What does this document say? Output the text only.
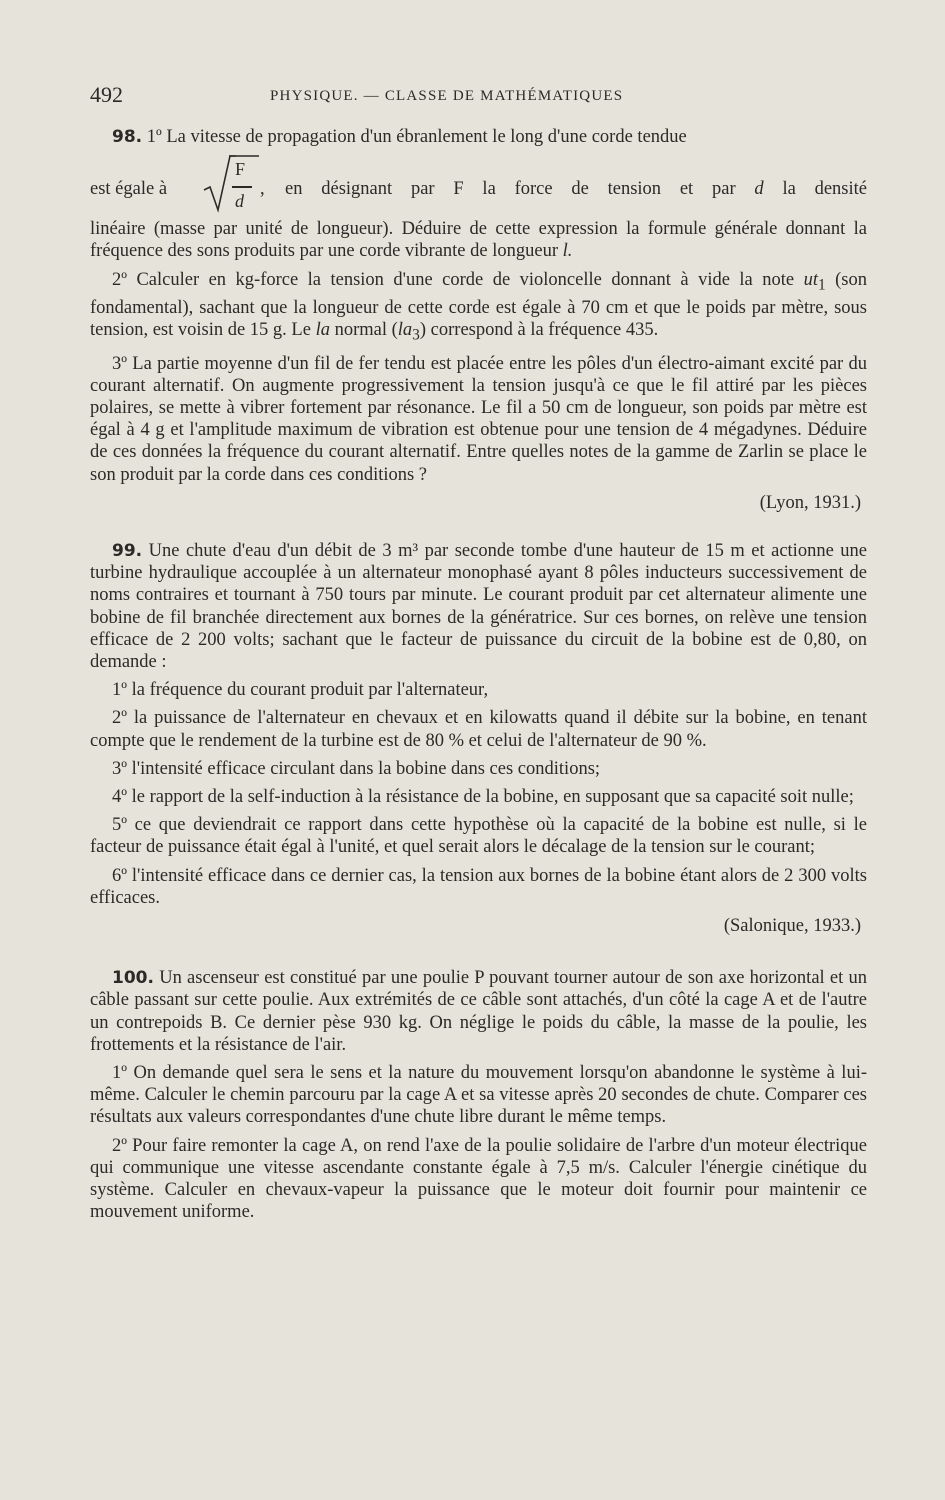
492	PHYSIQUE. — CLASSE DE MATHÉMATIQUES

98. 1º La vitesse de propagation d'un ébranlement le long d'une corde tendue

est égale à
F
d
, en désignant par F la force de tension et par d la densité

linéaire (masse par unité de longueur). Déduire de cette expression la formule générale donnant la fréquence des sons produits par une corde vibrante de longueur l.

2º Calculer en kg-force la tension d'une corde de violoncelle donnant à vide la note $ut_1$ (son fondamental), sachant que la longueur de cette corde est égale à 70 cm et que le poids par mètre, sous tension, est voisin de 15 g. Le la normal $(la_3)$ correspond à la fréquence 435.

3º La partie moyenne d'un fil de fer tendu est placée entre les pôles d'un électro-aimant excité par du courant alternatif. On augmente progressivement la tension jusqu'à ce que le fil attiré par les pièces polaires, se mette à vibrer fortement par résonance. Le fil a 50 cm de longueur, son poids par mètre est égal à 4 g et l'amplitude maximum de vibration est obtenue pour une tension de 4 mégadynes. Déduire de ces données la fréquence du courant alternatif. Entre quelles notes de la gamme de Zarlin se place le son produit par la corde dans ces conditions ?

(Lyon, 1931.)

99. Une chute d'eau d'un débit de 3 m³ par seconde tombe d'une hauteur de 15 m et actionne une turbine hydraulique accouplée à un alternateur monophasé ayant 8 pôles inducteurs successivement de noms contraires et tournant à 750 tours par minute. Le courant produit par cet alternateur alimente une bobine de fil branchée directement aux bornes de la génératrice. Sur ces bornes, on relève une tension efficace de 2 200 volts; sachant que le facteur de puissance du circuit de la bobine est de 0,80, on demande :

1º la fréquence du courant produit par l'alternateur,

2º la puissance de l'alternateur en chevaux et en kilowatts quand il débite sur la bobine, en tenant compte que le rendement de la turbine est de 80 % et celui de l'alternateur de 90 %.

3º l'intensité efficace circulant dans la bobine dans ces conditions;

4º le rapport de la self-induction à la résistance de la bobine, en supposant que sa capacité soit nulle;

5º ce que deviendrait ce rapport dans cette hypothèse où la capacité de la bobine est nulle, si le facteur de puissance était égal à l'unité, et quel serait alors le décalage de la tension sur le courant;

6º l'intensité efficace dans ce dernier cas, la tension aux bornes de la bobine étant alors de 2 300 volts efficaces.

(Salonique, 1933.)

100. Un ascenseur est constitué par une poulie P pouvant tourner autour de son axe horizontal et un câble passant sur cette poulie. Aux extrémités de ce câble sont attachés, d'un côté la cage A et de l'autre un contrepoids B. Ce dernier pèse 930 kg. On néglige le poids du câble, la masse de la poulie, les frottements et la résistance de l'air.

1º On demande quel sera le sens et la nature du mouvement lorsqu'on abandonne le système à lui-même. Calculer le chemin parcouru par la cage A et sa vitesse après 20 secondes de chute. Comparer ces résultats aux valeurs correspondantes d'une chute libre durant le même temps.

2º Pour faire remonter la cage A, on rend l'axe de la poulie solidaire de l'arbre d'un moteur électrique qui communique une vitesse ascendante constante égale à 7,5 m/s. Calculer l'énergie cinétique du système. Calculer en chevaux-vapeur la puissance que le moteur doit fournir pour maintenir ce mouvement uniforme.
